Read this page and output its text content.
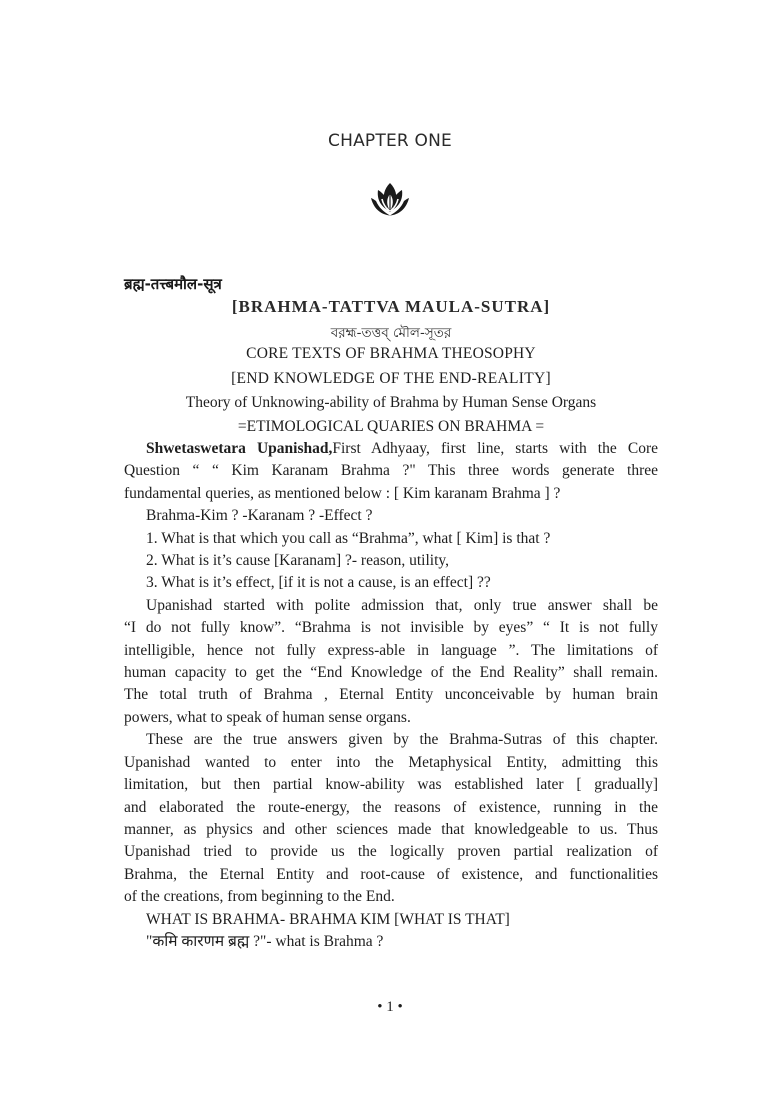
CHAPTER ONE
ब्रह्म-तत्त्बमौल-सूत्र
[BRAHMA-TATTVA MAULA-SUTRA]
বর়হ্ম-তত্তব্ মৌল-সূতর়
CORE TEXTS OF BRAHMA THEOSOPHY
[END KNOWLEDGE OF THE END-REALITY]
Theory of Unknowing-ability of Brahma by Human Sense Organs
=ETIMOLOGICAL QUARIES ON BRAHMA =
Shwetaswetara Upanishad,First Adhyaay, first line, starts with the Core
Question “ “ Kim Karanam Brahma ?" This three words generate three
fundamental queries, as mentioned below : [ Kim karanam Brahma ] ?
Brahma-Kim ? -Karanam ? -Effect ?
1. What is that which you call as “Brahma”, what [ Kim] is that ?
2. What is it’s cause [Karanam] ?- reason, utility,
3. What is it’s effect, [if it is not a cause, is an effect] ??
Upanishad started with polite admission that, only true answer shall be
“I do not fully know”. “Brahma is not invisible by eyes” “ It is not fully
intelligible, hence not fully express-able in language ”. The limitations of
human capacity to get the “End Knowledge of the End Reality” shall remain.
The total truth of Brahma , Eternal Entity unconceivable by human brain
powers, what to speak of human sense organs.
These are the true answers given by the Brahma-Sutras of this chapter.
Upanishad wanted to enter into the Metaphysical Entity, admitting this
limitation, but then partial know-ability was established later [ gradually]
and elaborated the route-energy, the reasons of existence, running in the
manner, as physics and other sciences made that knowledgeable to us. Thus
Upanishad tried to provide us the logically proven partial realization of
Brahma, the Eternal Entity and root-cause of existence, and functionalities
of the creations, from beginning to the End.
WHAT IS BRAHMA- BRAHMA KIM [WHAT IS THAT]
"कमि कारणम ब्रह्म ?"- what is Brahma ?
• 1 •
